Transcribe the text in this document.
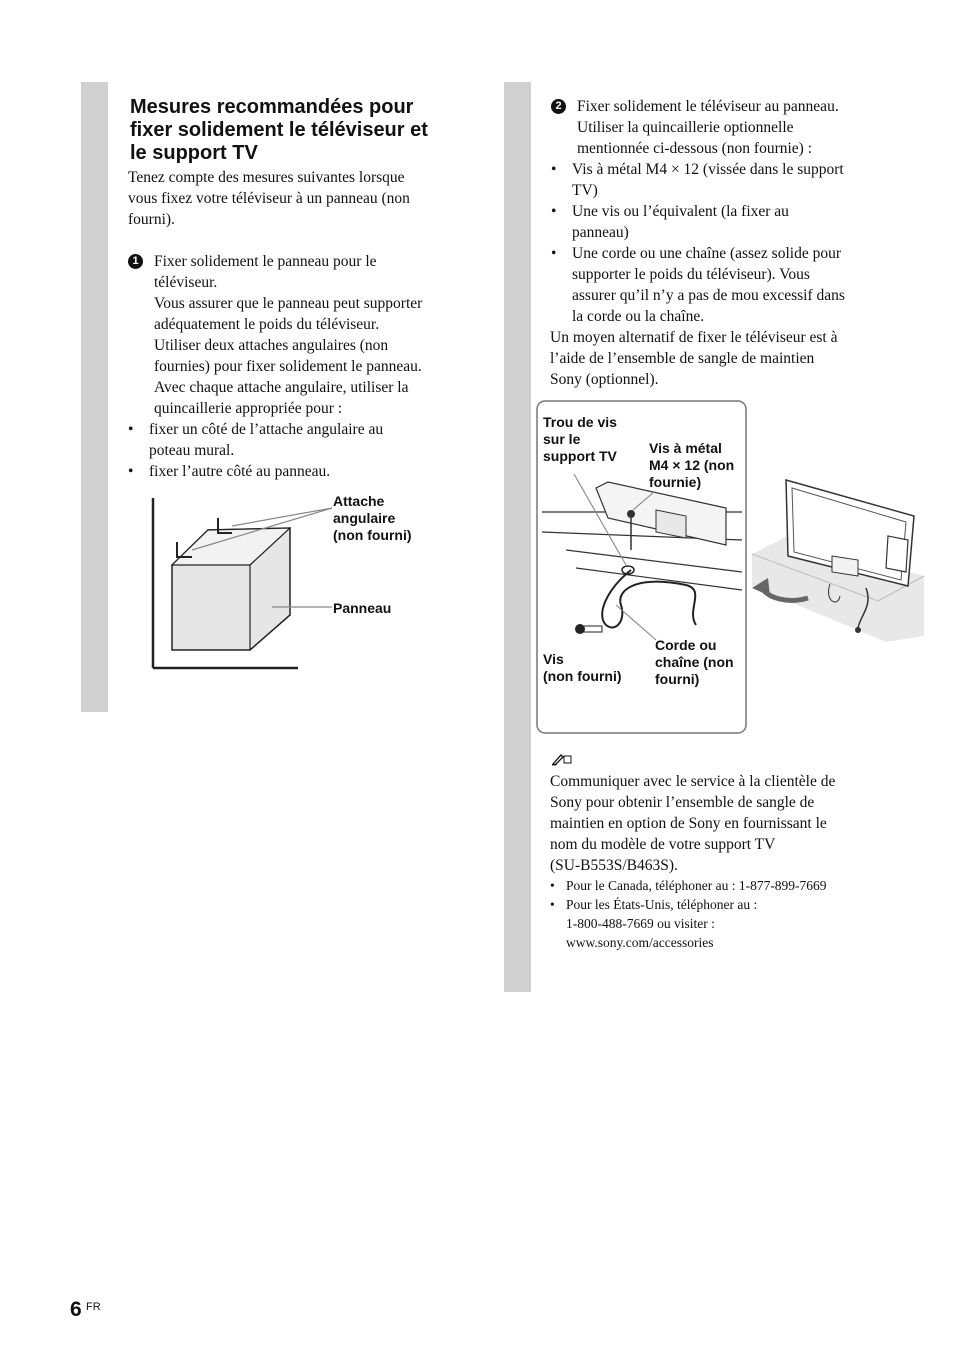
Mesures recommandées pour
fixer solidement le téléviseur et
le support TV
Tenez compte des mesures suivantes lorsque
vous fixez votre téléviseur à un panneau (non
fourni).
1 Fixer solidement le panneau pour le
téléviseur.
Vous assurer que le panneau peut supporter
adéquatement le poids du téléviseur.
Utiliser deux attaches angulaires (non
fournies) pour fixer solidement le panneau.
Avec chaque attache angulaire, utiliser la
quincaillerie appropriée pour :
• fixer un côté de l’attache angulaire au
poteau mural.
• fixer l’autre côté au panneau.
Attache
angulaire
(non fourni)
Panneau
2 Fixer solidement le téléviseur au panneau.
Utiliser la quincaillerie optionnelle
mentionnée ci-dessous (non fournie) :
• Vis à métal M4 × 12 (vissée dans le support
TV)
• Une vis ou l’équivalent (la fixer au
panneau)
• Une corde ou une chaîne (assez solide pour
supporter le poids du téléviseur). Vous
assurer qu’il n’y a pas de mou excessif dans
la corde ou la chaîne.
Un moyen alternatif de fixer le téléviseur est à
l’aide de l’ensemble de sangle de maintien
Sony (optionnel).
Trou de vis
sur le
support TV Vis à métal
M4 × 12 (non
fournie)
Vis
(non fourni)
Corde ou
chaîne (non
fourni)
Communiquer avec le service à la clientèle de
Sony pour obtenir l’ensemble de sangle de
maintien en option de Sony en fournissant le
nom du modèle de votre support TV
(SU-B553S/B463S).
• Pour le Canada, téléphoner au : 1-877-899-7669
• Pour les États-Unis, téléphoner au :
1-800-488-7669 ou visiter :
www.sony.com/accessories
6 FR
